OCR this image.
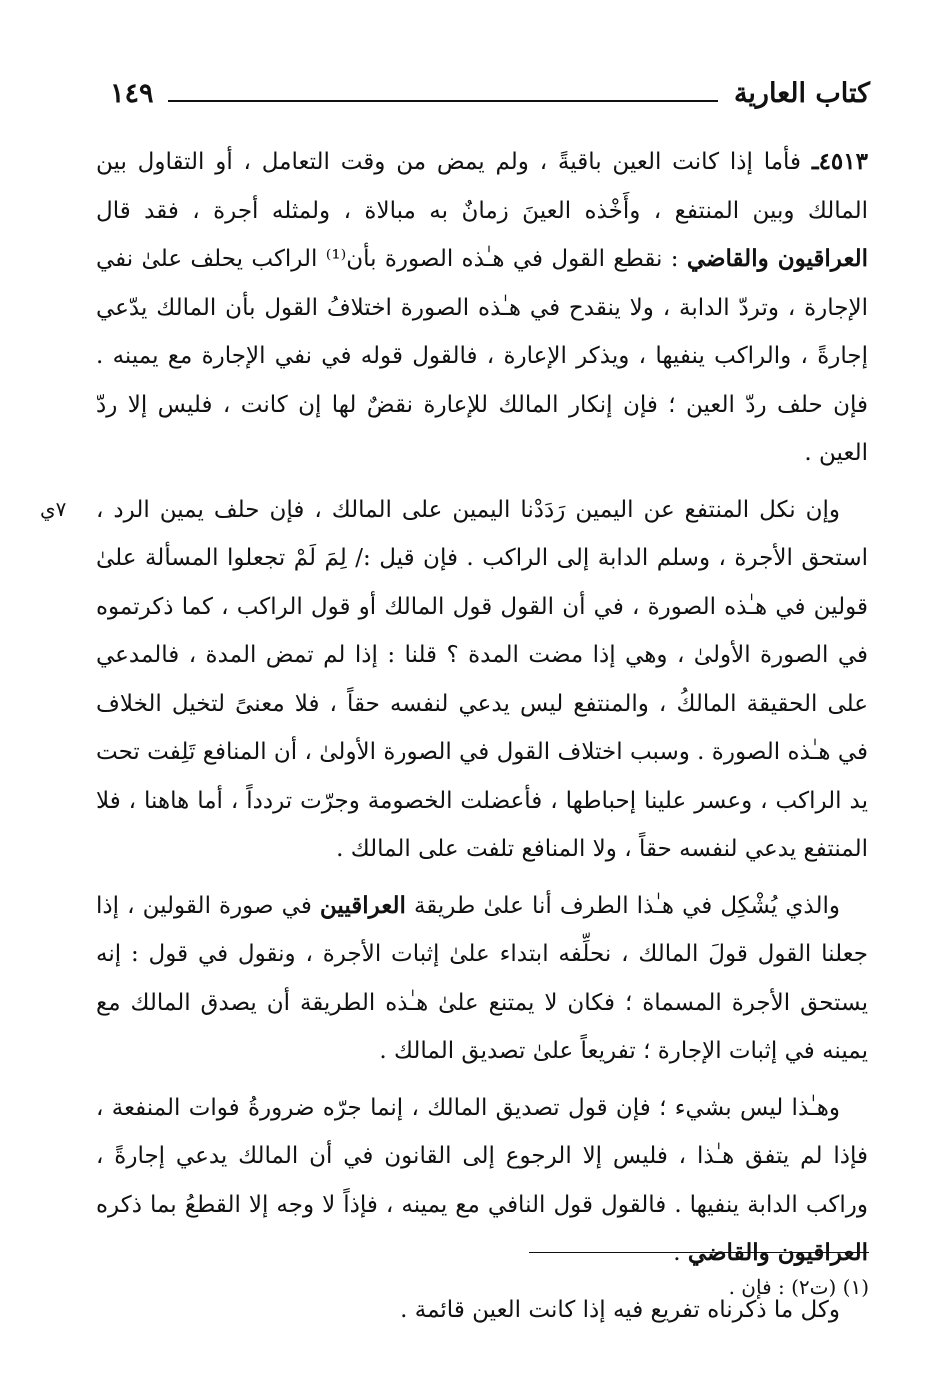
كتاب العارية
١٤٩
٧ي

٤٥١٣ـ فأما إذا كانت العين باقيةً ، ولم يمض من وقت التعامل ، أو التقاول بين المالك وبين المنتفع ، وأَخْذه العينَ زمانٌ به مبالاة ، ولمثله أجرة ، فقد قال العراقيون والقاضي : نقطع القول في هـٰذه الصورة بأن⁽¹⁾ الراكب يحلف علىٰ نفي الإجارة ، وتردّ الدابة ، ولا ينقدح في هـٰذه الصورة اختلافُ القول بأن المالك يدّعي إجارةً ، والراكب ينفيها ، ويذكر الإعارة ، فالقول قوله في نفي الإجارة مع يمينه . فإن حلف ردّ العين ؛ فإن إنكار المالك للإعارة نقضٌ لها إن كانت ، فليس إلا ردّ العين .

وإن نكل المنتفع عن اليمين رَدَدْنا اليمين على المالك ، فإن حلف يمين الرد ، استحق الأجرة ، وسلم الدابة إلى الراكب . فإن قيل :/ لِمَ لَمْ تجعلوا المسألة علىٰ قولين في هـٰذه الصورة ، في أن القول قول المالك أو قول الراكب ، كما ذكرتموه في الصورة الأولىٰ ، وهي إذا مضت المدة ؟ قلنا : إذا لم تمض المدة ، فالمدعي على الحقيقة المالكُ ، والمنتفع ليس يدعي لنفسه حقاً ، فلا معنىً لتخيل الخلاف في هـٰذه الصورة . وسبب اختلاف القول في الصورة الأولىٰ ، أن المنافع تَلِفت تحت يد الراكب ، وعسر علينا إحباطها ، فأعضلت الخصومة وجرّت تردداً ، أما هاهنا ، فلا المنتفع يدعي لنفسه حقاً ، ولا المنافع تلفت على المالك .

والذي يُشْكِل في هـٰذا الطرف أنا علىٰ طريقة العراقيين في صورة القولين ، إذا جعلنا القول قولَ المالك ، نحلِّفه ابتداء علىٰ إثبات الأجرة ، ونقول في قول : إنه يستحق الأجرة المسماة ؛ فكان لا يمتنع علىٰ هـٰذه الطريقة أن يصدق المالك مع يمينه في إثبات الإجارة ؛ تفريعاً علىٰ تصديق المالك .

وهـٰذا ليس بشيء ؛ فإن قول تصديق المالك ، إنما جرّه ضرورةُ فوات المنفعة ، فإذا لم يتفق هـٰذا ، فليس إلا الرجوع إلى القانون في أن المالك يدعي إجارةً ، وراكب الدابة ينفيها . فالقول قول النافي مع يمينه ، فإذاً لا وجه إلا القطعُ بما ذكره العراقيون والقاضي .

وكل ما ذكرناه تفريع فيه إذا كانت العين قائمة .

(١) (ت٢) : فإن .
